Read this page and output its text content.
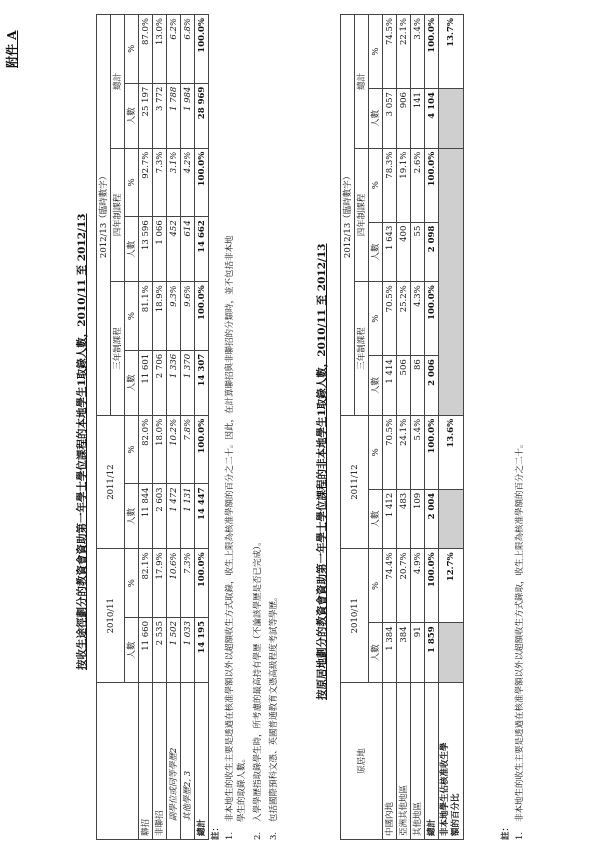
附件 A
按收生途徑劃分的教資會資助第一年學士學位課程的本地學生1取錄人數，2010/11 至 2012/13
	2010/11		2011/12		2012/13（臨時數字）					
					三年制課程		四年制課程		總計	
	人數	%	人數	%	人數	%	人數	%	人數	%
聯招	11 660	82.1%	11 844	82.0%	11 601	81.1%	13 596	92.7%	25 197	87.0%
非聯招	2 535	17.9%	2 603	18.0%	2 706	18.9%	1 066	7.3%	3 772	13.0%
副學位或同等學歷2	1 502	10.6%	1 472	10.2%	1 336	9.3%	452	3.1%	1 788	6.2%
其他學歷2, 3	1 033	7.3%	1 131	7.8%	1 370	9.6%	614	4.2%	1 984	6.8%
總計	14 195	100.0%	14 447	100.0%	14 307	100.0%	14 662	100.0%	28 969	100.0%
註： 1.
非本地生的收生主要是透過在核准學額以外以超額收生方式取錄，收生上限為核准學額的百分之二十。因此，在計算聯招與非聯招的分類時，並不包括非本地 學生的取錄人數。
2.
入學學歷指取錄學生時，所考慮的最高持有學歷（不論該學歷是否已完成）。
3.
包括國際預科文憑、英國普通教育文憑高級程度考試等學歷。
按原居地劃分的教資會資助第一年學士學位課程的非本地學生1取錄人數，2010/11 至 2012/13
原居地	2010/11		2011/12		2012/13（臨時數字）					
					三年制課程		四年制課程		總計	
	人數	%	人數	%	人數	%	人數	%	人數	%
中國內地	1 384	74.4%	1 412	70.5%	1 414	70.5%	1 643	78.3%	3 057	74.5%
亞洲其他地區	384	20.7%	483	24.1%	506	25.2%	400	19.1%	906	22.1%
其他地區	91	4.9%	109	5.4%	86	4.3%	55	2.6%	141	3.4%
總計	1 859	100.0%	2 004	100.0%	2 006	100.0%	2 098	100.0%	4 104	100.0%
非本地學生佔核准收生學
額的百分比		12.7%		13.6%						13.7%
註： 1.
非本地生的收生主要是透過在核准學額以外以超額收生方式錄取，收生上限為核准學額的百分之二十。
